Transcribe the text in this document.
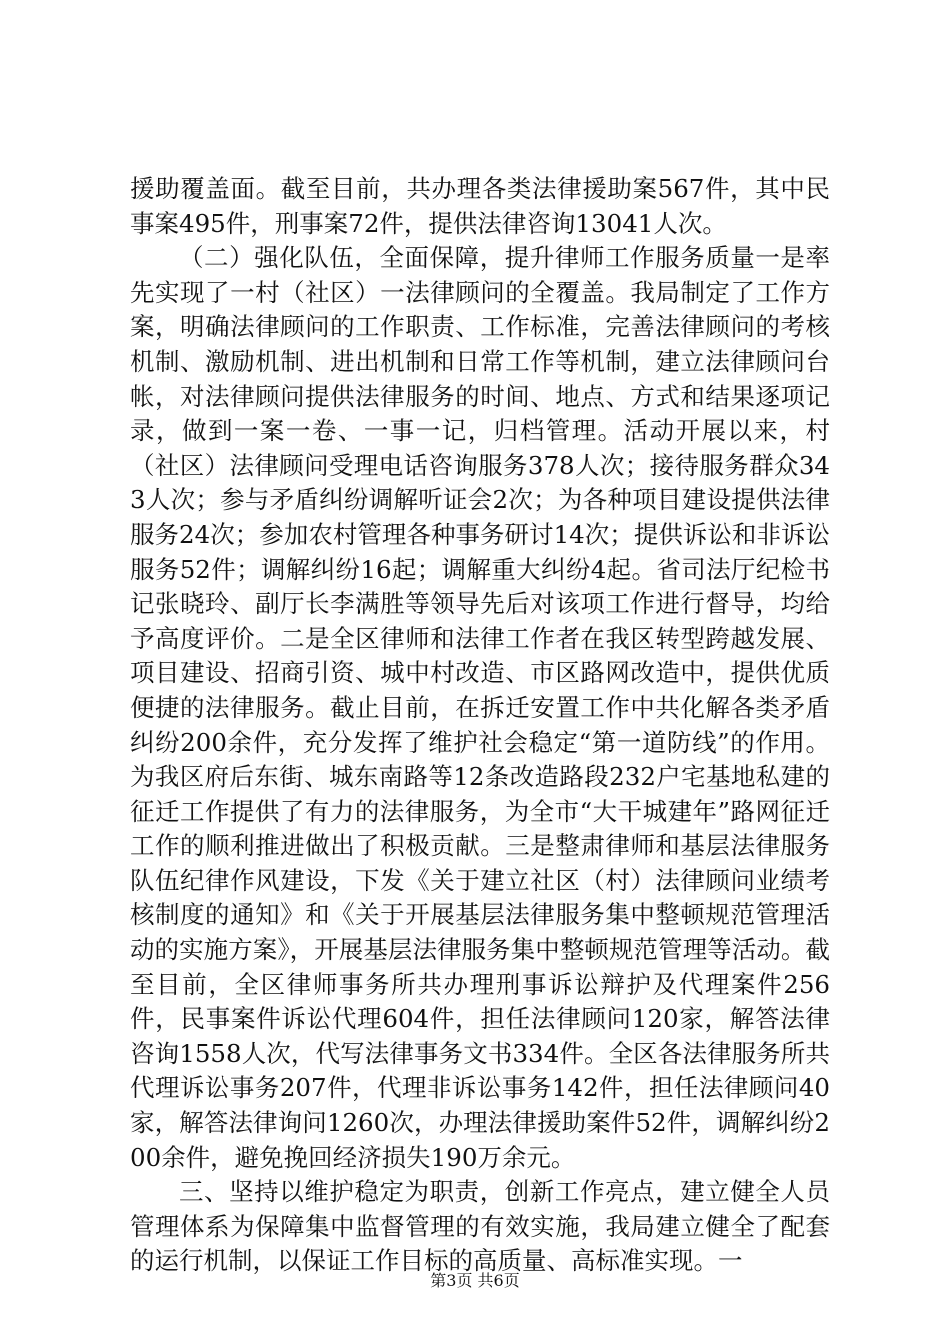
援助覆盖面。截至目前，共办理各类法律援助案567件，其中民事案495件，刑事案72件，提供法律咨询13041人次。

（二）强化队伍，全面保障，提升律师工作服务质量一是率先实现了一村（社区）一法律顾问的全覆盖。我局制定了工作方案，明确法律顾问的工作职责、工作标准，完善法律顾问的考核机制、激励机制、进出机制和日常工作等机制，建立法律顾问台帐，对法律顾问提供法律服务的时间、地点、方式和结果逐项记录，做到一案一卷、一事一记，归档管理。活动开展以来，村（社区）法律顾问受理电话咨询服务378人次；接待服务群众343人次；参与矛盾纠纷调解听证会2次；为各种项目建设提供法律服务24次；参加农村管理各种事务研讨14次；提供诉讼和非诉讼服务52件；调解纠纷16起；调解重大纠纷4起。省司法厅纪检书记张晓玲、副厅长李满胜等领导先后对该项工作进行督导，均给予高度评价。二是全区律师和法律工作者在我区转型跨越发展、项目建设、招商引资、城中村改造、市区路网改造中，提供优质便捷的法律服务。截止目前，在拆迁安置工作中共化解各类矛盾纠纷200余件，充分发挥了维护社会稳定“第一道防线”的作用。为我区府后东街、城东南路等12条改造路段232户宅基地私建的征迁工作提供了有力的法律服务，为全市“大干城建年”路网征迁工作的顺利推进做出了积极贡献。三是整肃律师和基层法律服务队伍纪律作风建设，下发《关于建立社区（村）法律顾问业绩考核制度的通知》和《关于开展基层法律服务集中整顿规范管理活动的实施方案》，开展基层法律服务集中整顿规范管理等活动。截至目前，全区律师事务所共办理刑事诉讼辩护及代理案件256件，民事案件诉讼代理604件，担任法律顾问120家，解答法律咨询1558人次，代写法律事务文书334件。全区各法律服务所共代理诉讼事务207件，代理非诉讼事务142件，担任法律顾问40家，解答法律询问1260次，办理法律援助案件52件，调解纠纷200余件，避免挽回经济损失190万余元。

三、坚持以维护稳定为职责，创新工作亮点，建立健全人员管理体系为保障集中监督管理的有效实施，我局建立健全了配套的运行机制，以保证工作目标的高质量、高标准实现。一

第3页 共6页
